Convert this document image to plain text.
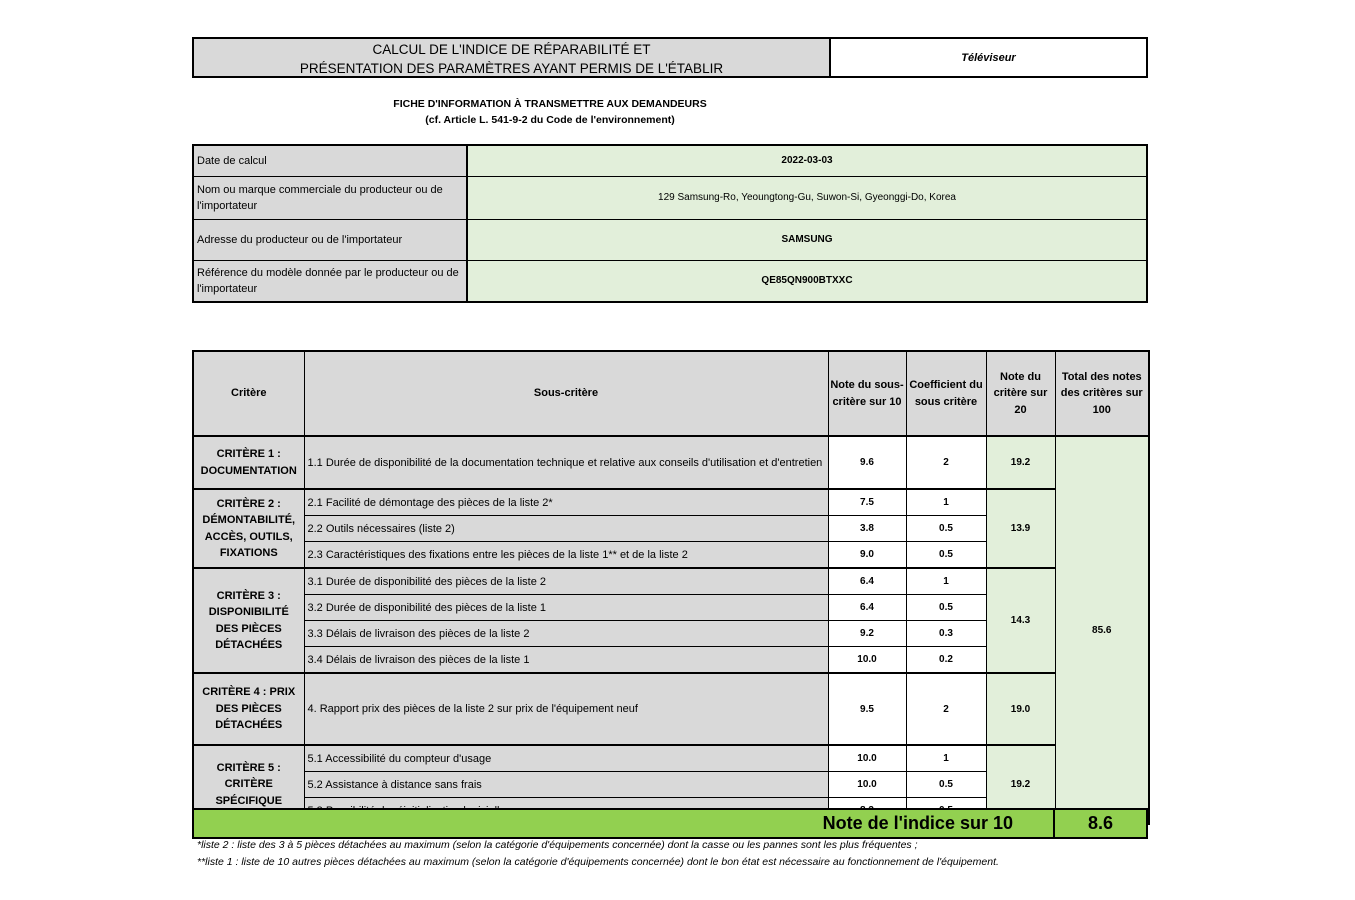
CALCUL DE L'INDICE DE RÉPARABILITÉ ET
PRÉSENTATION DES PARAMÈTRES AYANT PERMIS DE L'ÉTABLIR
Téléviseur
FICHE D'INFORMATION À TRANSMETTRE AUX DEMANDEURS
(cf. Article L. 541-9-2 du Code de l'environnement)
Date de calcul	2022-03-03
Nom ou marque commerciale du producteur ou de l'importateur	129 Samsung-Ro, Yeoungtong-Gu, Suwon-Si, Gyeonggi-Do, Korea
Adresse du producteur ou de l'importateur	SAMSUNG
Référence du modèle donnée par le producteur ou de l'importateur	QE85QN900BTXXC
Critère	Sous-critère	Note du sous-critère sur 10	Coefficient du sous critère	Note du critère sur 20	Total des notes des critères sur 100
CRITÈRE 1 : DOCUMENTATION	1.1 Durée de disponibilité de la documentation technique et relative aux conseils d'utilisation et d'entretien	9.6	2	19.2	85.6
CRITÈRE 2 : DÉMONTABILITÉ, ACCÈS, OUTILS, FIXATIONS	2.1 Facilité de démontage des pièces de la liste 2*	7.5	1	13.9	
	2.2 Outils nécessaires (liste 2)	3.8	0.5		
	2.3 Caractéristiques des fixations entre les pièces de la liste 1** et de la liste 2	9.0	0.5		
CRITÈRE 3 : DISPONIBILITÉ DES PIÈCES DÉTACHÉES	3.1 Durée de disponibilité des pièces de la liste 2	6.4	1	14.3	
	3.2 Durée de disponibilité des pièces de la liste 1	6.4	0.5		
	3.3 Délais de livraison des pièces de la liste 2	9.2	0.3		
	3.4 Délais de livraison des pièces de la liste 1	10.0	0.2		
CRITÈRE 4 : PRIX DES PIÈCES DÉTACHÉES	4. Rapport prix des pièces de la liste 2 sur prix de l'équipement neuf	9.5	2	19.0	
CRITÈRE 5 : CRITÈRE SPÉCIFIQUE	5.1 Accessibilité du compteur d'usage	10.0	1	19.2	
	5.2 Assistance à distance sans frais	10.0	0.5		

Note de l'indice sur 10	8.6
*liste 2 : liste des 3 à 5 pièces détachées au maximum (selon la catégorie d'équipements concernée) dont la casse ou les pannes sont les plus fréquentes ;
**liste 1 : liste de 10 autres pièces détachées au maximum (selon la catégorie d'équipements concernée) dont le bon état est nécessaire au fonctionnement de l'équipement.
